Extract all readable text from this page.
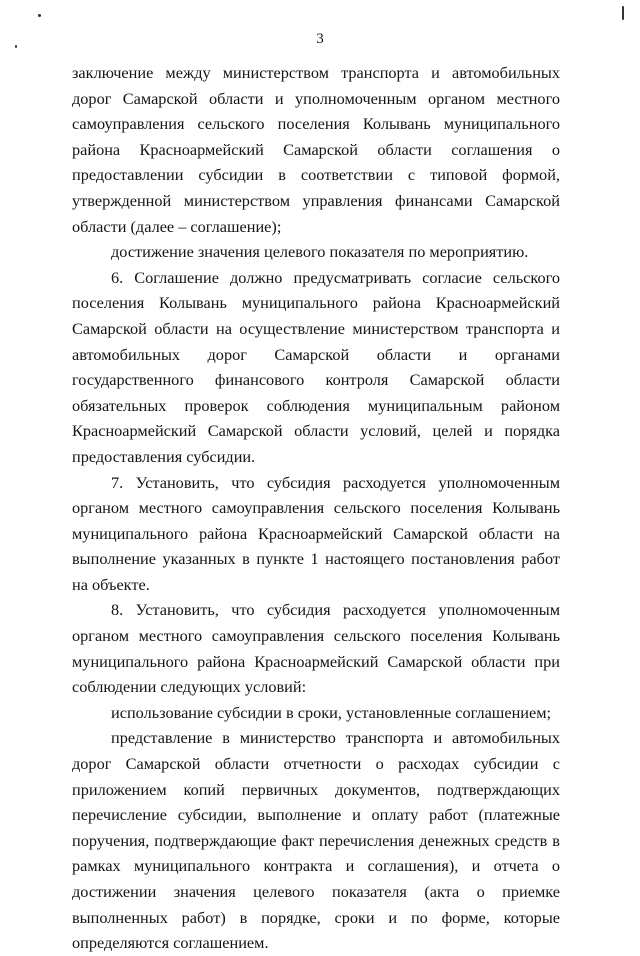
3

заключение между министерством транспорта и автомобильных дорог Самарской области и уполномоченным органом местного самоуправления сельского поселения Колывань муниципального района Красноармейский Самарской области соглашения о предоставлении субсидии в соответствии с типовой формой, утвержденной министерством управления финансами Самарской области (далее – соглашение);

достижение значения целевого показателя по мероприятию.

6. Соглашение должно предусматривать согласие сельского поселения Колывань муниципального района Красноармейский Самарской области на осуществление министерством транспорта и автомобильных дорог Самарской области и органами государственного финансового контроля Самарской области обязательных проверок соблюдения муниципальным районом Красноармейский Самарской области условий, целей и порядка предоставления субсидии.

7. Установить, что субсидия расходуется уполномоченным органом местного самоуправления сельского поселения Колывань муниципального района Красноармейский Самарской области на выполнение указанных в пункте 1 настоящего постановления работ на объекте.

8. Установить, что субсидия расходуется уполномоченным органом местного самоуправления сельского поселения Колывань муниципального района Красноармейский Самарской области при соблюдении следующих условий:

использование субсидии в сроки, установленные соглашением;

представление в министерство транспорта и автомобильных дорог Самарской области отчетности о расходах субсидии с приложением копий первичных документов, подтверждающих перечисление субсидии, выполнение и оплату работ (платежные поручения, подтверждающие факт перечисления денежных средств в рамках муниципального контракта и соглашения), и отчета о достижении значения целевого показателя (акта о приемке выполненных работ) в порядке, сроки и по форме, которые определяются соглашением.
